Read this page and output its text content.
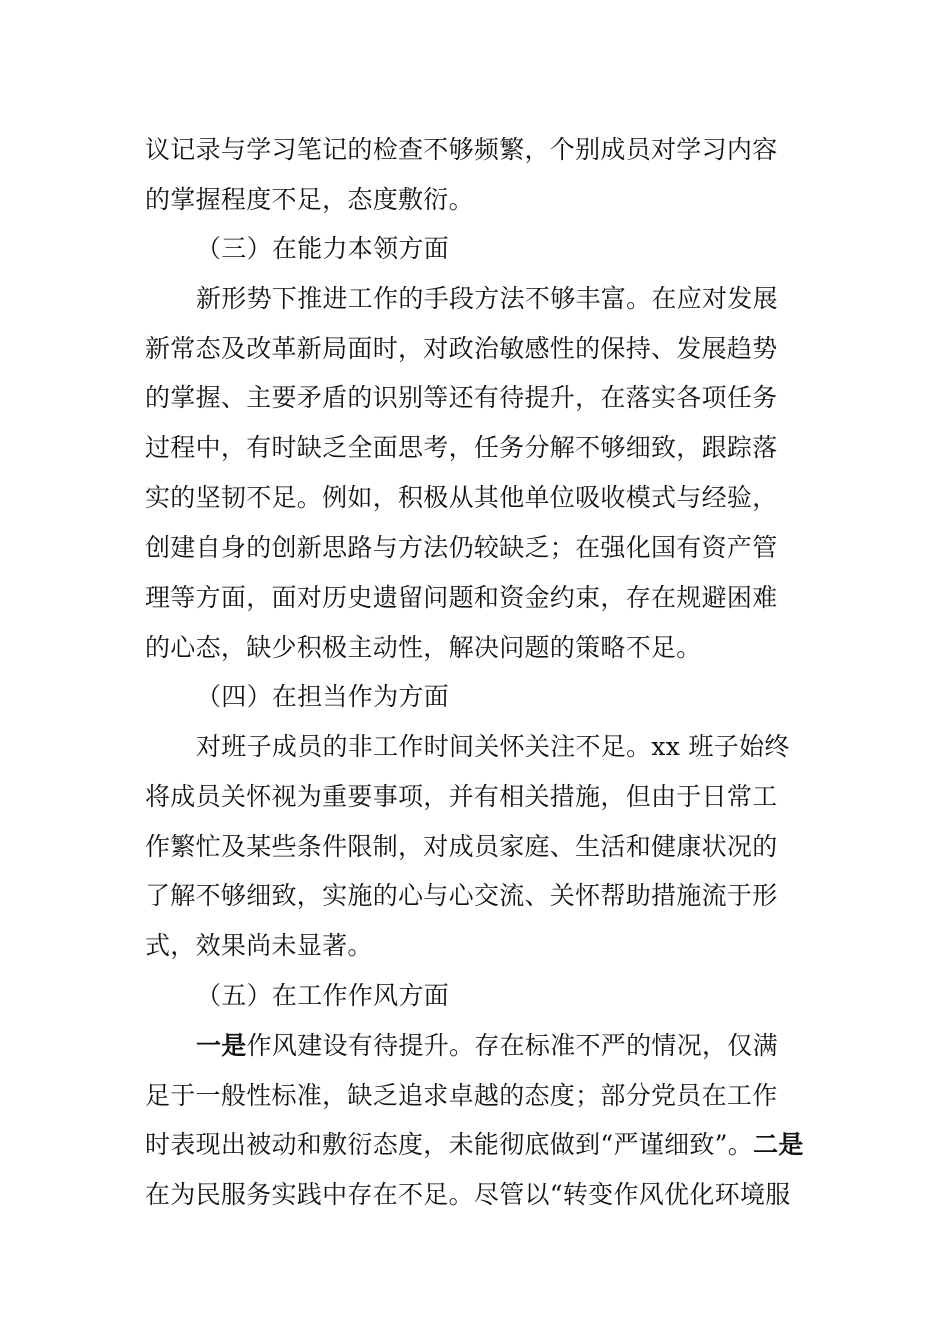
议记录与学习笔记的检查不够频繁，个别成员对学习内容
的掌握程度不足，态度敷衍。
（三）在能力本领方面
新形势下推进工作的手段方法不够丰富。在应对发展
新常态及改革新局面时，对政治敏感性的保持、发展趋势
的掌握、主要矛盾的识别等还有待提升，在落实各项任务
过程中，有时缺乏全面思考，任务分解不够细致，跟踪落
实的坚韧不足。例如，积极从其他单位吸收模式与经验，
创建自身的创新思路与方法仍较缺乏；在强化国有资产管
理等方面，面对历史遗留问题和资金约束，存在规避困难
的心态，缺少积极主动性，解决问题的策略不足。
（四）在担当作为方面
对班子成员的非工作时间关怀关注不足。xx 班子始终
将成员关怀视为重要事项，并有相关措施，但由于日常工
作繁忙及某些条件限制，对成员家庭、生活和健康状况的
了解不够细致，实施的心与心交流、关怀帮助措施流于形
式，效果尚未显著。
（五）在工作作风方面
一是作风建设有待提升。存在标准不严的情况，仅满
足于一般性标准，缺乏追求卓越的态度；部分党员在工作
时表现出被动和敷衍态度，未能彻底做到“严谨细致”。二是
在为民服务实践中存在不足。尽管以“转变作风优化环境服
